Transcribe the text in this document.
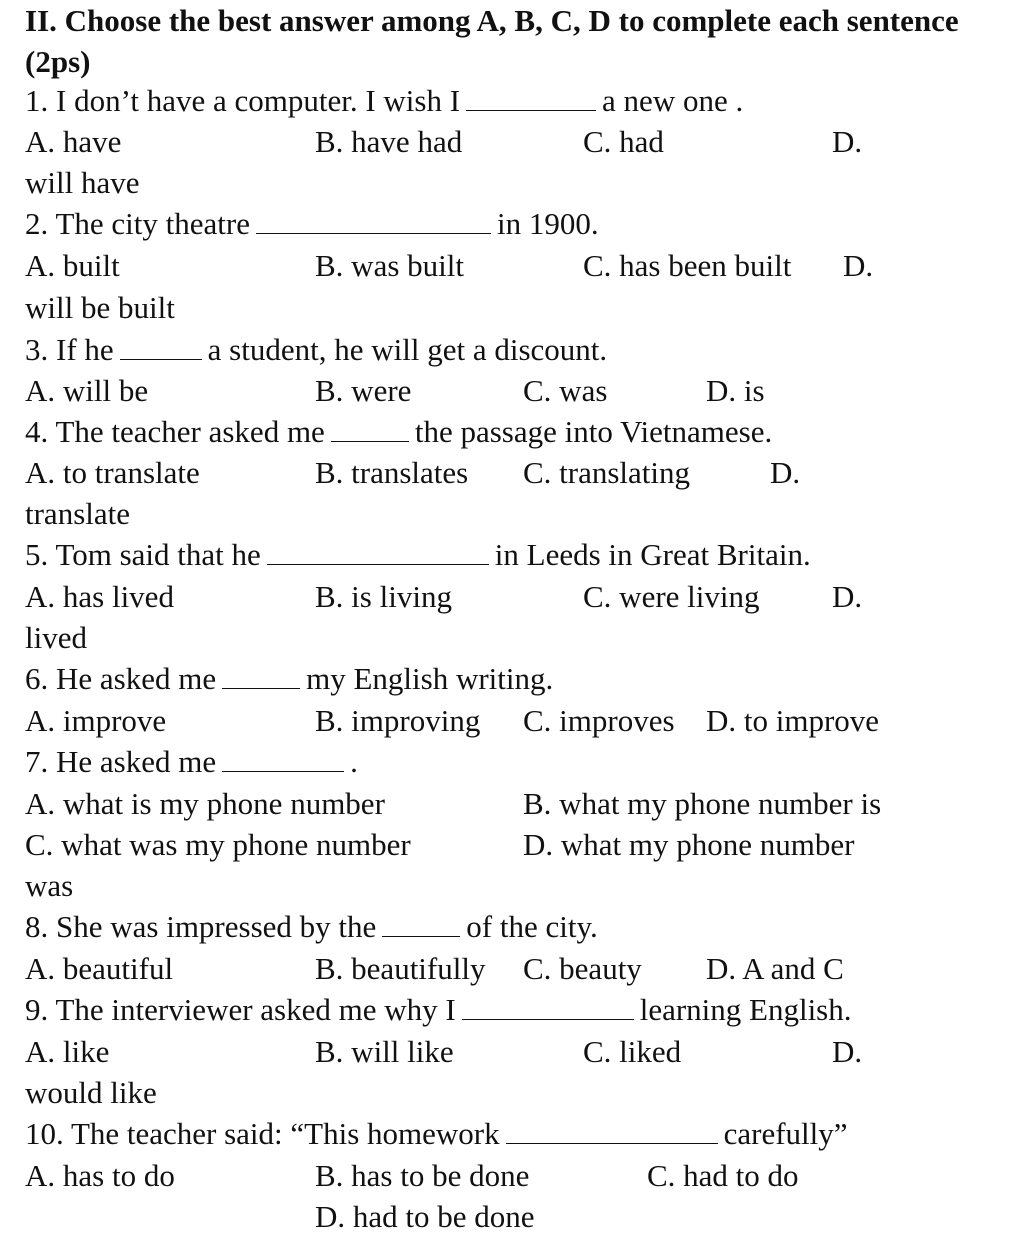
II. Choose the best answer among A, B, C, D to complete each sentence (2ps)
1. I don’t have a computer. I wish I	a new one .
A. have	B. have had	C. had	D.
will have
2. The city theatre	in 1900.
A. built	B. was built	C. has been built D.
will be built
3. If he	a student, he will get a discount.
A. will be	B. were	C. was	D. is
4. The teacher asked me	the passage into Vietnamese.
A. to translate	B. translates C. translating	D.
translate
5. Tom said that he	in Leeds in Great Britain.
A. has lived	B. is living	C. were living D.
lived
6. He asked me	my English writing.
A. improve	B. improving C. improves D. to improve
7. He asked me	.
A. what is my phone number	B. what my phone number is
C. what was my phone number	D. what my phone number
was
8. She was impressed by the	of the city.
A. beautiful	B. beautifully C. beauty D. A and C
9. The interviewer asked me why I	learning English.
A. like	B. will like	C. liked	D.
would like
10. The teacher said: “This homework	carefully”
A. has to do	B. has to be done	C. had to do
D. had to be done
